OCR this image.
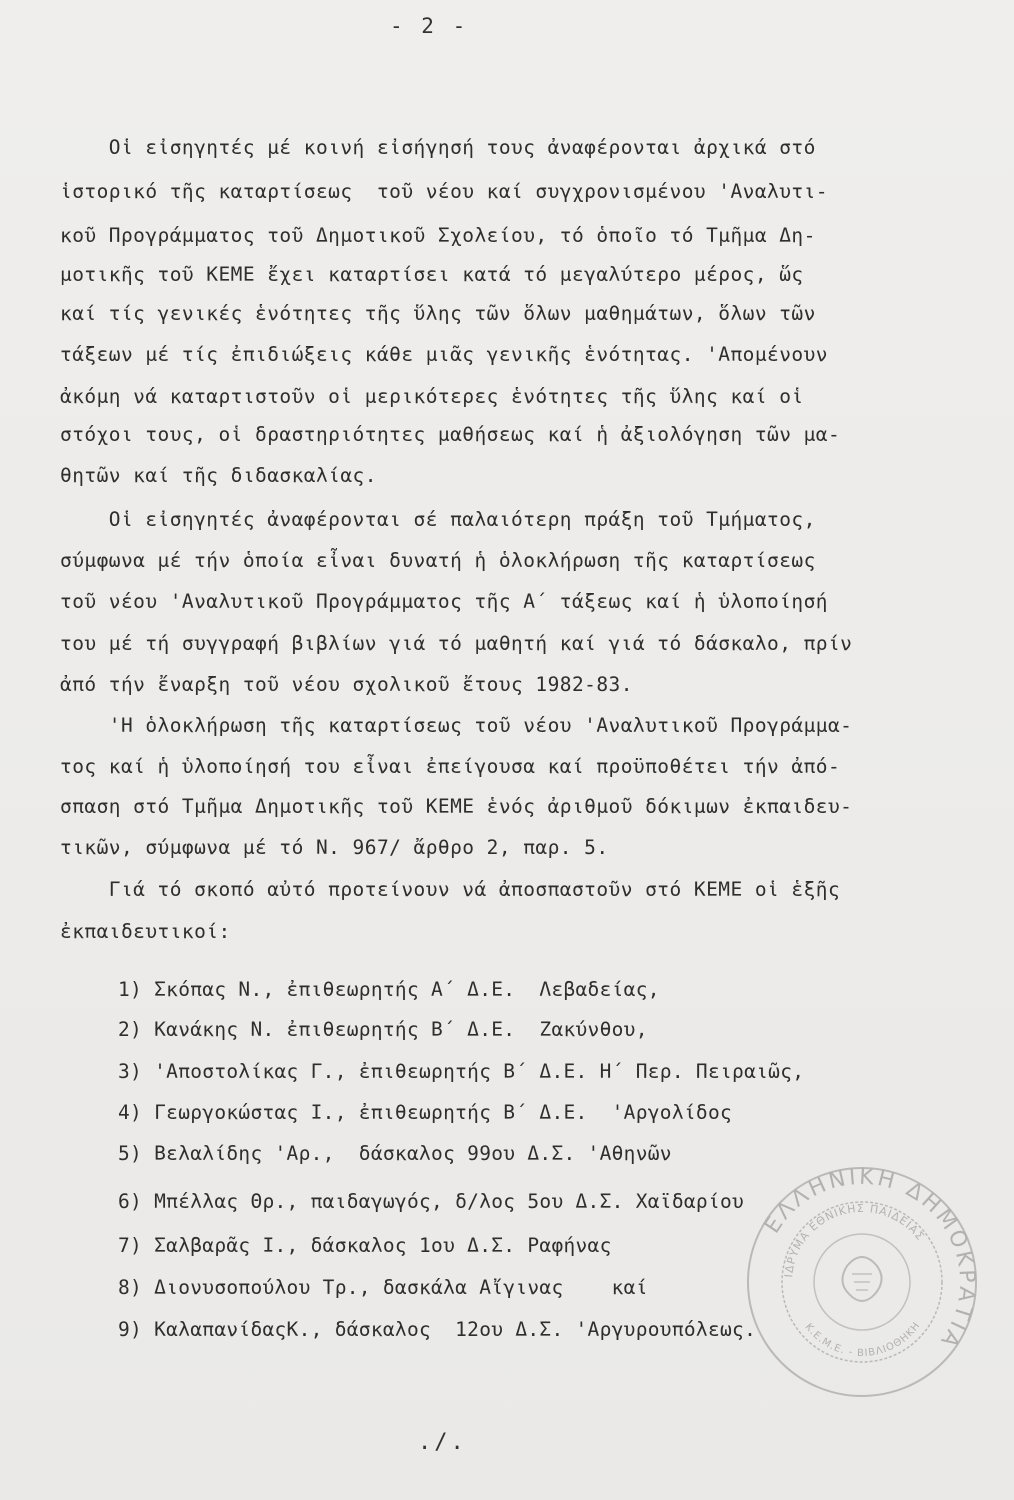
- 2 -
Οἱ εἰσηγητές μέ κοινή εἰσήγησή τους ἀναφέρονται ἀρχικά στό
ἱστορικό τῆς καταρτίσεως  τοῦ νέου καί συγχρονισμένου 'Αναλυτι-
κοῦ Προγράμματος τοῦ Δημοτικοῦ Σχολείου, τό ὁποῖο τό Τμῆμα Δη-
μοτικῆς τοῦ ΚΕΜΕ ἔχει καταρτίσει κατά τό μεγαλύτερο μέρος, ὥς
καί τίς γενικές ἑνότητες τῆς ὕλης τῶν ὅλων μαθημάτων, ὅλων τῶν
τάξεων μέ τίς ἐπιδιώξεις κάθε μιᾶς γενικῆς ἑνότητας. 'Απομένουν
ἀκόμη νά καταρτιστοῦν οἱ μερικότερες ἑνότητες τῆς ὕλης καί οἱ
στόχοι τους, οἱ δραστηριότητες μαθήσεως καί ἡ ἀξιολόγηση τῶν μα-
θητῶν καί τῆς διδασκαλίας.
Οἱ εἰσηγητές ἀναφέρονται σέ παλαιότερη πράξη τοῦ Τμήματος,
σύμφωνα μέ τήν ὁποία εἶναι δυνατή ἡ ὁλοκλήρωση τῆς καταρτίσεως
τοῦ νέου 'Αναλυτικοῦ Προγράμματος τῆς Α΄ τάξεως καί ἡ ὑλοποίησή
του μέ τή συγγραφή βιβλίων γιά τό μαθητή καί γιά τό δάσκαλο, πρίν
ἀπό τήν ἔναρξη τοῦ νέου σχολικοῦ ἔτους 1982-83.
'Η ὁλοκλήρωση τῆς καταρτίσεως τοῦ νέου 'Αναλυτικοῦ Προγράμμα-
τος καί ἡ ὑλοποίησή του εἶναι ἐπείγουσα καί προϋποθέτει τήν ἀπό-
σπαση στό Τμῆμα Δημοτικῆς τοῦ ΚΕΜΕ ἑνός ἀριθμοῦ δόκιμων ἐκπαιδευ-
τικῶν, σύμφωνα μέ τό Ν. 967/ ἄρθρο 2, παρ. 5.
Γιά τό σκοπό αὐτό προτείνουν νά ἀποσπαστοῦν στό ΚΕΜΕ οἱ ἑξῆς
ἐκπαιδευτικοί:
1) Σκόπας Ν., ἐπιθεωρητής Α΄ Δ.Ε.  Λεβαδείας,
2) Κανάκης Ν. ἐπιθεωρητής Β΄ Δ.Ε.  Ζακύνθου,
3) 'Αποστολίκας Γ., ἐπιθεωρητής Β΄ Δ.Ε. Η΄ Περ. Πειραιῶς,
4) Γεωργοκώστας Ι., ἐπιθεωρητής Β΄ Δ.Ε.  'Αργολίδος
5) Βελαλίδης 'Αρ.,  δάσκαλος 99ου Δ.Σ. 'Αθηνῶν
6) Μπέλλας Θρ., παιδαγωγός, δ/λος 5ου Δ.Σ. Χαϊδαρίου
7) Σαλβαρᾶς Ι., δάσκαλος 1ου Δ.Σ. Ραφήνας
8) Διονυσοπούλου Τρ., δασκάλα Αἴγινας    καί
9) ΚαλαπανίδαςΚ., δάσκαλος  12ου Δ.Σ. 'Αργυρουπόλεως.
ΕΛΛΗΝΙΚΗ ΔΗΜΟΚΡΑΤΙΑ
ΙΔΡΥΜΑ ΕΘΝΙΚΗΣ ΠΑΙΔΕΙΑΣ
Κ.Ε.Μ.Ε. - ΒΙΒΛΙΟΘΗΚΗ
./.
